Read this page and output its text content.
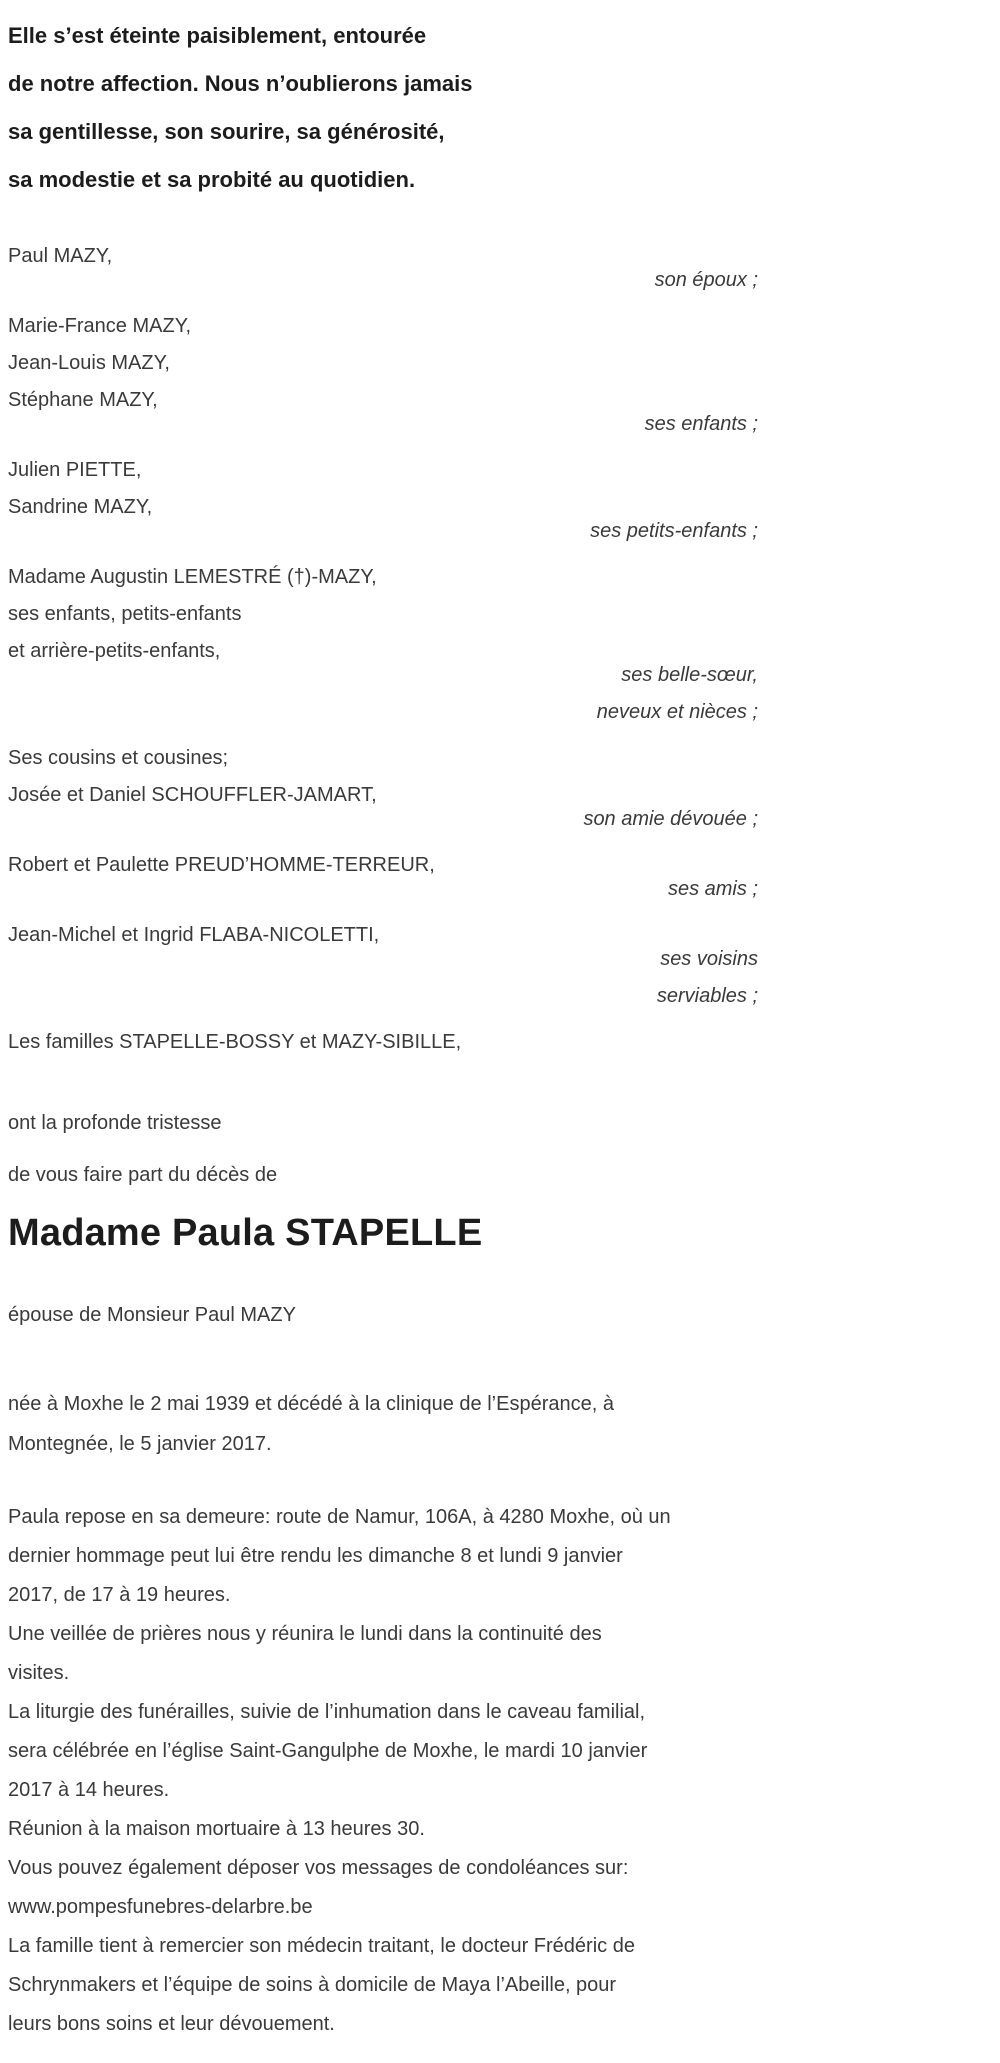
Elle s’est éteinte paisiblement, entourée
de notre affection. Nous n’oublierons jamais
sa gentillesse, son sourire, sa générosité,
sa modestie et sa probité au quotidien.
Paul MAZY,
son époux ;
Marie-France MAZY,
Jean-Louis MAZY,
Stéphane MAZY,
ses enfants ;
Julien PIETTE,
Sandrine MAZY,
ses petits-enfants ;
Madame Augustin LEMESTRÉ (†)-MAZY,
ses enfants, petits-enfants
et arrière-petits-enfants,
ses belle-sœur,
neveux et nièces ;
Ses cousins et cousines;
Josée et Daniel SCHOUFFLER-JAMART,
son amie dévouée ;
Robert et Paulette PREUD’HOMME-TERREUR,
ses amis ;
Jean-Michel et Ingrid FLABA-NICOLETTI,
ses voisins
serviables ;
Les familles STAPELLE-BOSSY et MAZY-SIBILLE,
ont la profonde tristesse
de vous faire part du décès de
Madame Paula STAPELLE

épouse de Monsieur Paul MAZY

née à Moxhe le 2 mai 1939 et décédé à la clinique de l’Espérance, à
Montegnée, le 5 janvier 2017.
Paula repose en sa demeure: route de Namur, 106A, à 4280 Moxhe, où un
dernier hommage peut lui être rendu les dimanche 8 et lundi 9 janvier
2017, de 17 à 19 heures.
Une veillée de prières nous y réunira le lundi dans la continuité des
visites.
La liturgie des funérailles, suivie de l’inhumation dans le caveau familial,
sera célébrée en l’église Saint-Gangulphe de Moxhe, le mardi 10 janvier
2017 à 14 heures.
Réunion à la maison mortuaire à 13 heures 30.
Vous pouvez également déposer vos messages de condoléances sur:
www.pompesfunebres-delarbre.be
La famille tient à remercier son médecin traitant, le docteur Frédéric de
Schrynmakers et l’équipe de soins à domicile de Maya l’Abeille, pour
leurs bons soins et leur dévouement.
